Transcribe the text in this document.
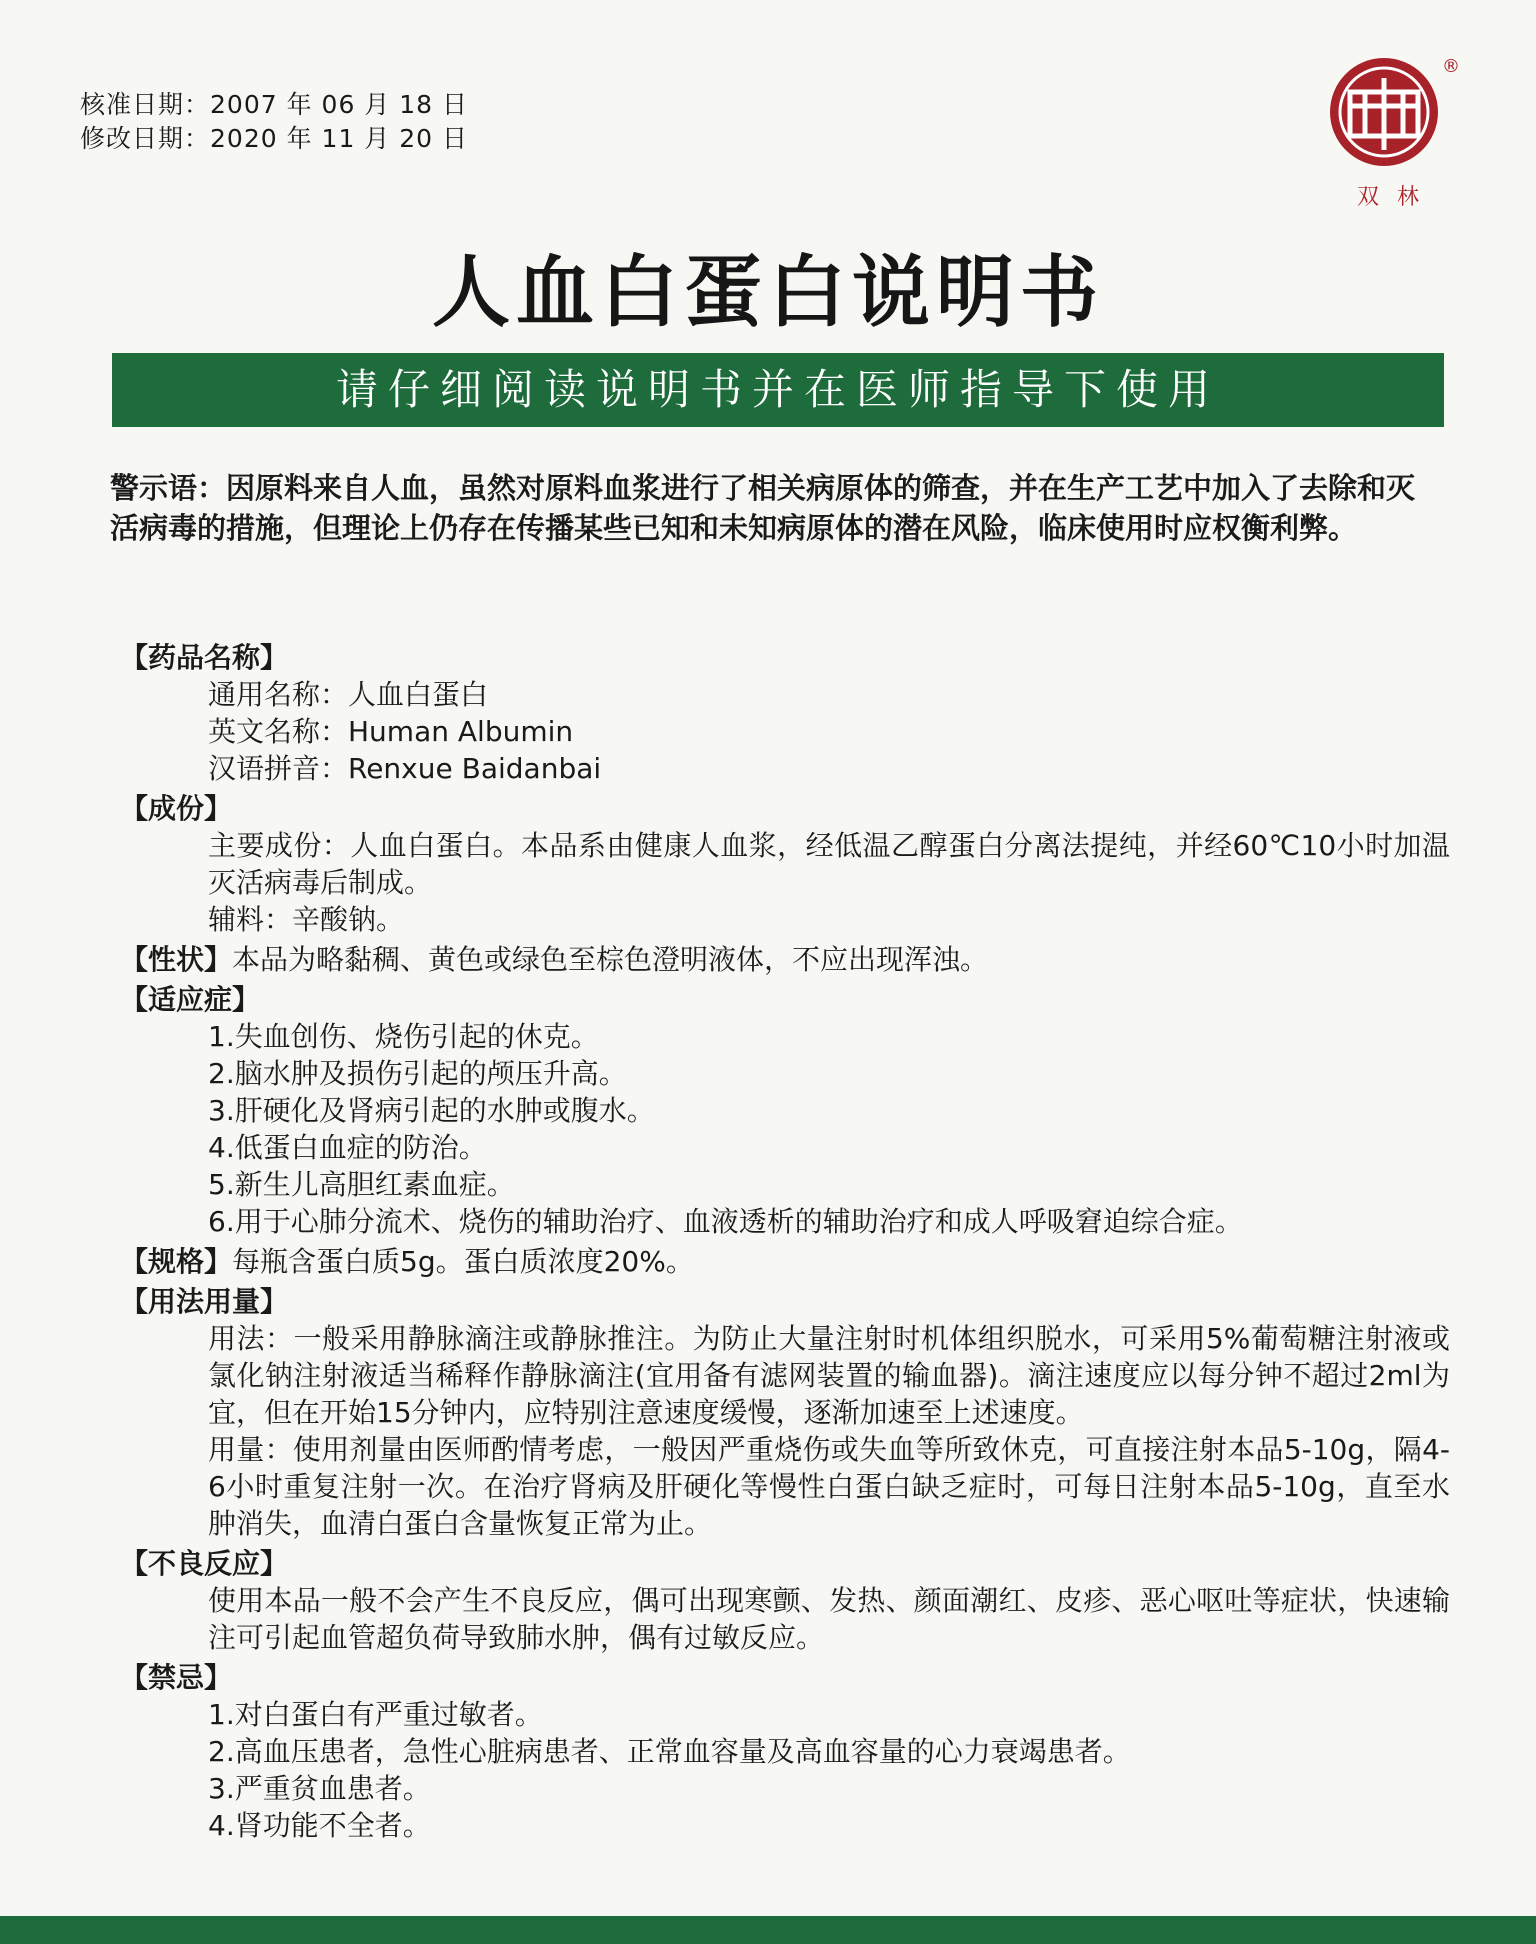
核准日期：2007 年 06 月 18 日
修改日期：2020 年 11 月 20 日
®
双林
人血白蛋白说明书
请仔细阅读说明书并在医师指导下使用
警示语：因原料来自人血，虽然对原料血浆进行了相关病原体的筛查，并在生产工艺中加入了去除和灭活病毒的措施，但理论上仍存在传播某些已知和未知病原体的潜在风险，临床使用时应权衡利弊。
【药品名称】
通用名称：人血白蛋白
英文名称：Human Albumin
汉语拼音：Renxue Baidanbai
【成份】
主要成份：人血白蛋白。本品系由健康人血浆，经低温乙醇蛋白分离法提纯，并经60℃10小时加温灭活病毒后制成。
辅料：辛酸钠。
【性状】本品为略黏稠、黄色或绿色至棕色澄明液体，不应出现浑浊。
【适应症】
1.失血创伤、烧伤引起的休克。
2.脑水肿及损伤引起的颅压升高。
3.肝硬化及肾病引起的水肿或腹水。
4.低蛋白血症的防治。
5.新生儿高胆红素血症。
6.用于心肺分流术、烧伤的辅助治疗、血液透析的辅助治疗和成人呼吸窘迫综合症。
【规格】每瓶含蛋白质5g。蛋白质浓度20%。
【用法用量】
用法：一般采用静脉滴注或静脉推注。为防止大量注射时机体组织脱水，可采用5%葡萄糖注射液或氯化钠注射液适当稀释作静脉滴注(宜用备有滤网装置的输血器)。滴注速度应以每分钟不超过2ml为宜，但在开始15分钟内，应特别注意速度缓慢，逐渐加速至上述速度。
用量：使用剂量由医师酌情考虑，一般因严重烧伤或失血等所致休克，可直接注射本品5-10g，隔4-6小时重复注射一次。在治疗肾病及肝硬化等慢性白蛋白缺乏症时，可每日注射本品5-10g，直至水肿消失，血清白蛋白含量恢复正常为止。
【不良反应】
使用本品一般不会产生不良反应，偶可出现寒颤、发热、颜面潮红、皮疹、恶心呕吐等症状，快速输注可引起血管超负荷导致肺水肿，偶有过敏反应。
【禁忌】
1.对白蛋白有严重过敏者。
2.高血压患者，急性心脏病患者、正常血容量及高血容量的心力衰竭患者。
3.严重贫血患者。
4.肾功能不全者。
